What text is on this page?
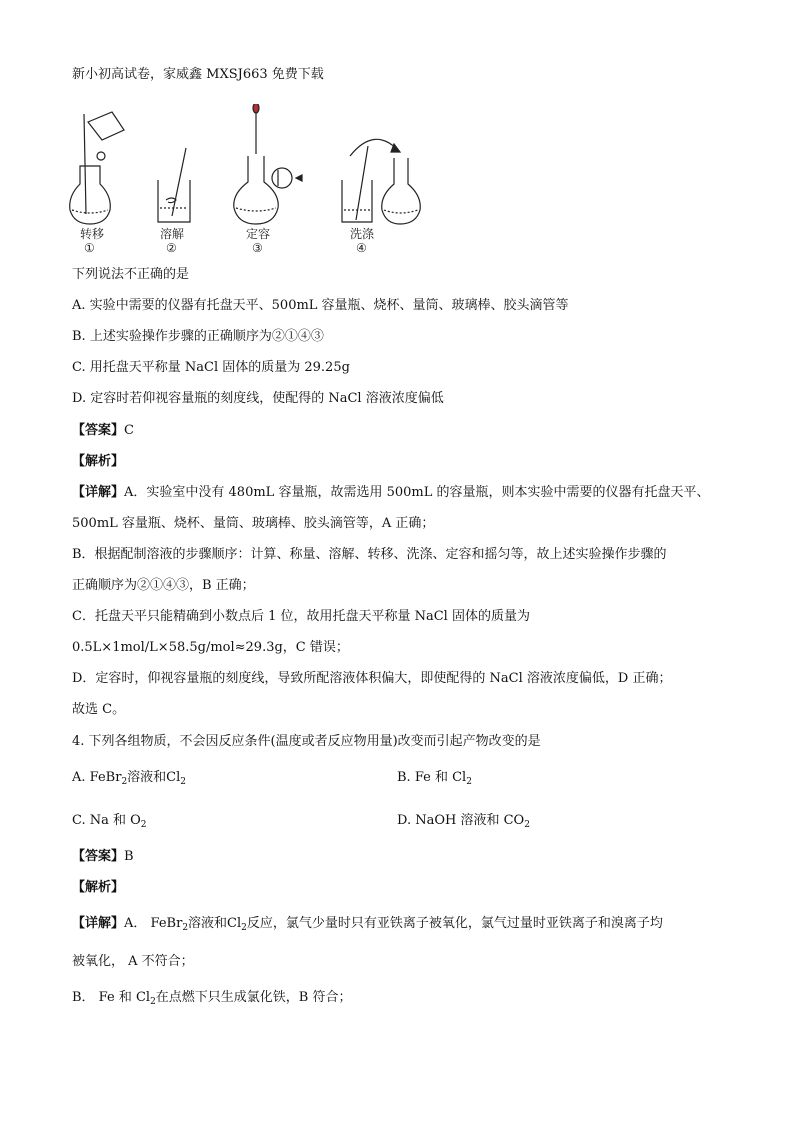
新小初高试卷，家威鑫 MXSJ663 免费下载
转移
①
溶解
②
定容
③
洗涤
④
下列说法不正确的是
A. 实验中需要的仪器有托盘天平、500mL 容量瓶、烧杯、量筒、玻璃棒、胶头滴管等
B. 上述实验操作步骤的正确顺序为②①④③
C. 用托盘天平称量 NaCl 固体的质量为 29.25g
D. 定容时若仰视容量瓶的刻度线，使配得的 NaCl 溶液浓度偏低
【答案】C
【解析】
【详解】A．实验室中没有 480mL 容量瓶，故需选用 500mL 的容量瓶，则本实验中需要的仪器有托盘天平、
500mL 容量瓶、烧杯、量筒、玻璃棒、胶头滴管等，A 正确；
B．根据配制溶液的步骤顺序：计算、称量、溶解、转移、洗涤、定容和摇匀等，故上述实验操作步骤的
正确顺序为②①④③，B 正确；
C．托盘天平只能精确到小数点后 1 位，故用托盘天平称量 NaCl 固体的质量为
0.5L×1mol/L×58.5g/mol≈29.3g，C 错误；
D．定容时，仰视容量瓶的刻度线，导致所配溶液体积偏大，即使配得的 NaCl 溶液浓度偏低，D 正确；
故选 C。
4. 下列各组物质，不会因反应条件(温度或者反应物用量)改变而引起产物改变的是
A. FeBr$_2$溶液和$Cl_2$	B. Fe 和 $Cl_2$
C. Na 和 $O_2$	D. NaOH 溶液和 $CO_2$
【答案】B
【解析】
【详解】A． FeBr$_2$溶液和$Cl_2$反应，氯气少量时只有亚铁离子被氧化，氯气过量时亚铁离子和溴离子均
被氧化， A 不符合；
B． Fe 和 $Cl_2$在点燃下只生成氯化铁，B 符合；
